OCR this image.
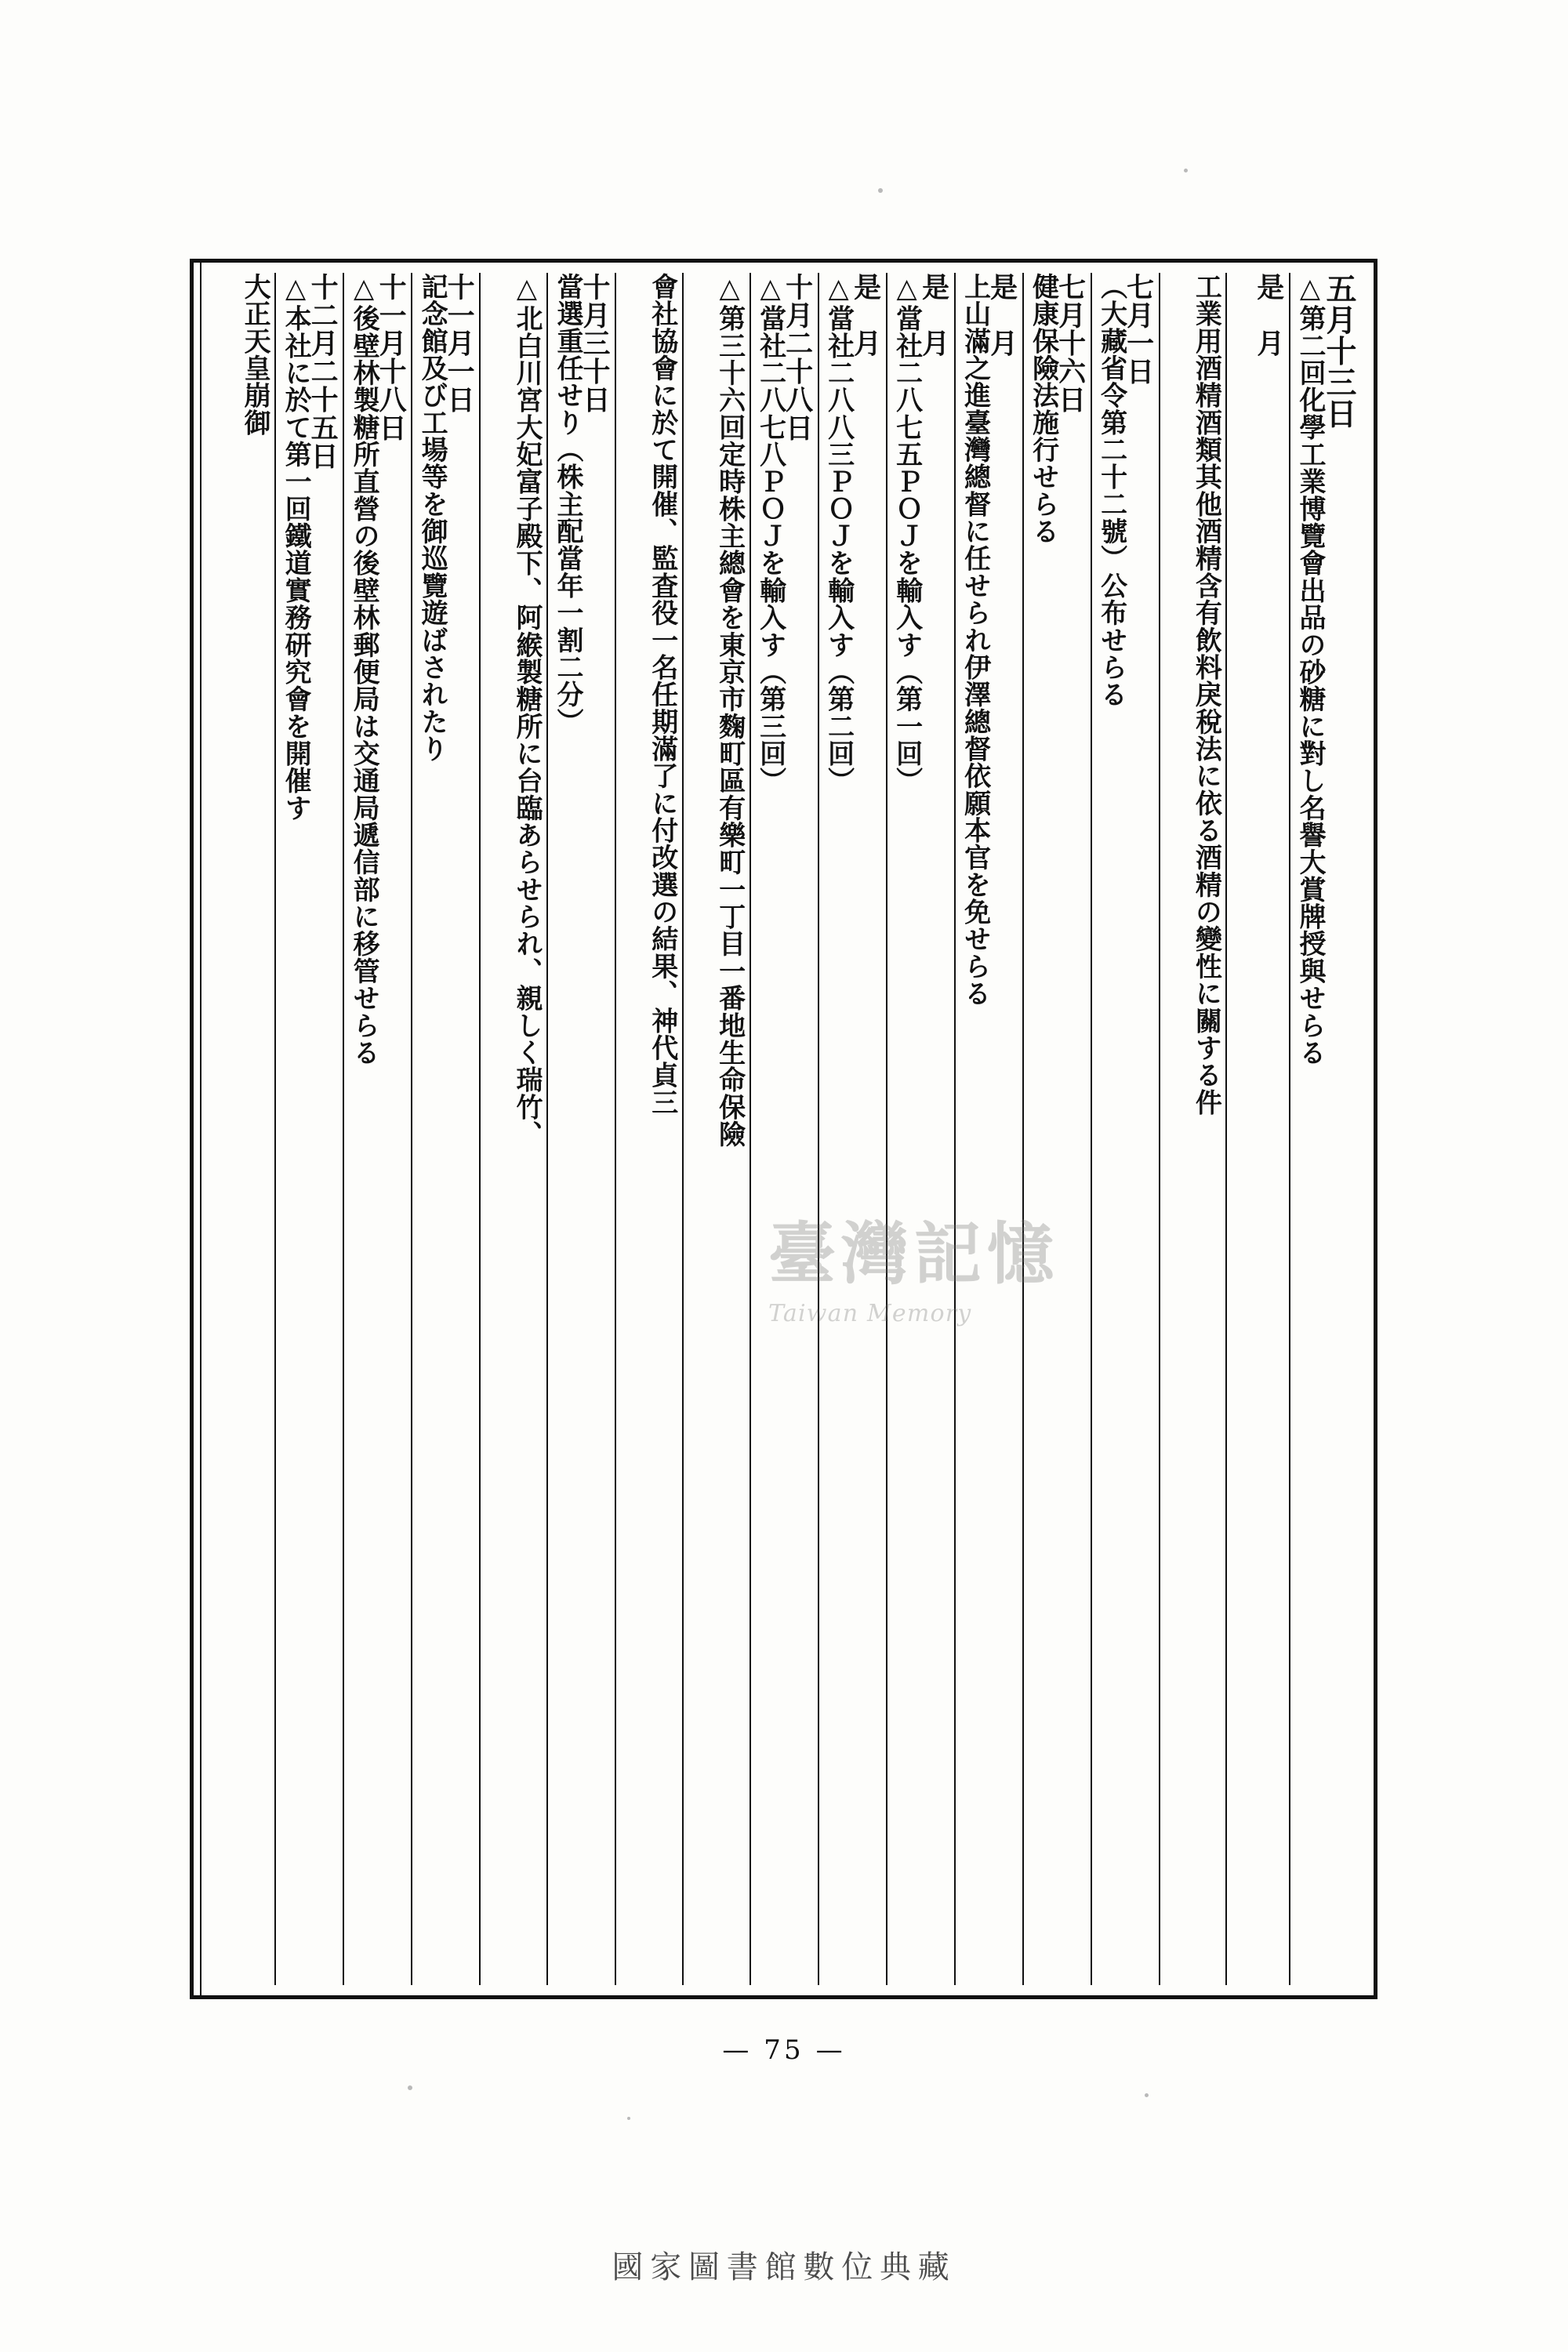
五月十三日
△第二回化學工業博覽會出品の砂糖に對し名譽大賞牌授與せらる
是　月
工業用酒精酒類其他酒精含有飲料戾稅法に依る酒精の變性に關する件
七月一日
（大藏省令第二十二號）公布せらる
七月十六日
健康保險法施行せらる
是　月
上山滿之進臺灣總督に任せられ伊澤總督依願本官を免せらる
是　月
△當社二八七五ＰＯＪを輸入す（第一回）
是　月
△當社二八八三ＰＯＪを輸入す（第二回）
十月二十八日
△當社二八七八ＰＯＪを輸入す（第三回）
△第三十六回定時株主總會を東京市麴町區有樂町一丁目一番地生命保險
會社協會に於て開催、監査役一名任期滿了に付改選の結果、神代貞三
十月三十日
當選重任せり（株主配當年一割二分）
△北白川宮大妃富子殿下、阿緱製糖所に台臨あらせられ、親しく瑞竹、
十一月一日
記念館及び工場等を御巡覽遊ばされたり
十一月十八日
△後壁林製糖所直營の後壁林郵便局は交通局遞信部に移管せらる
十二月二十五日
△本社に於て第一回鐵道實務研究會を開催す
大正天皇崩御
臺灣記憶
Taiwan Memory
— 75 —
國家圖書館數位典藏
